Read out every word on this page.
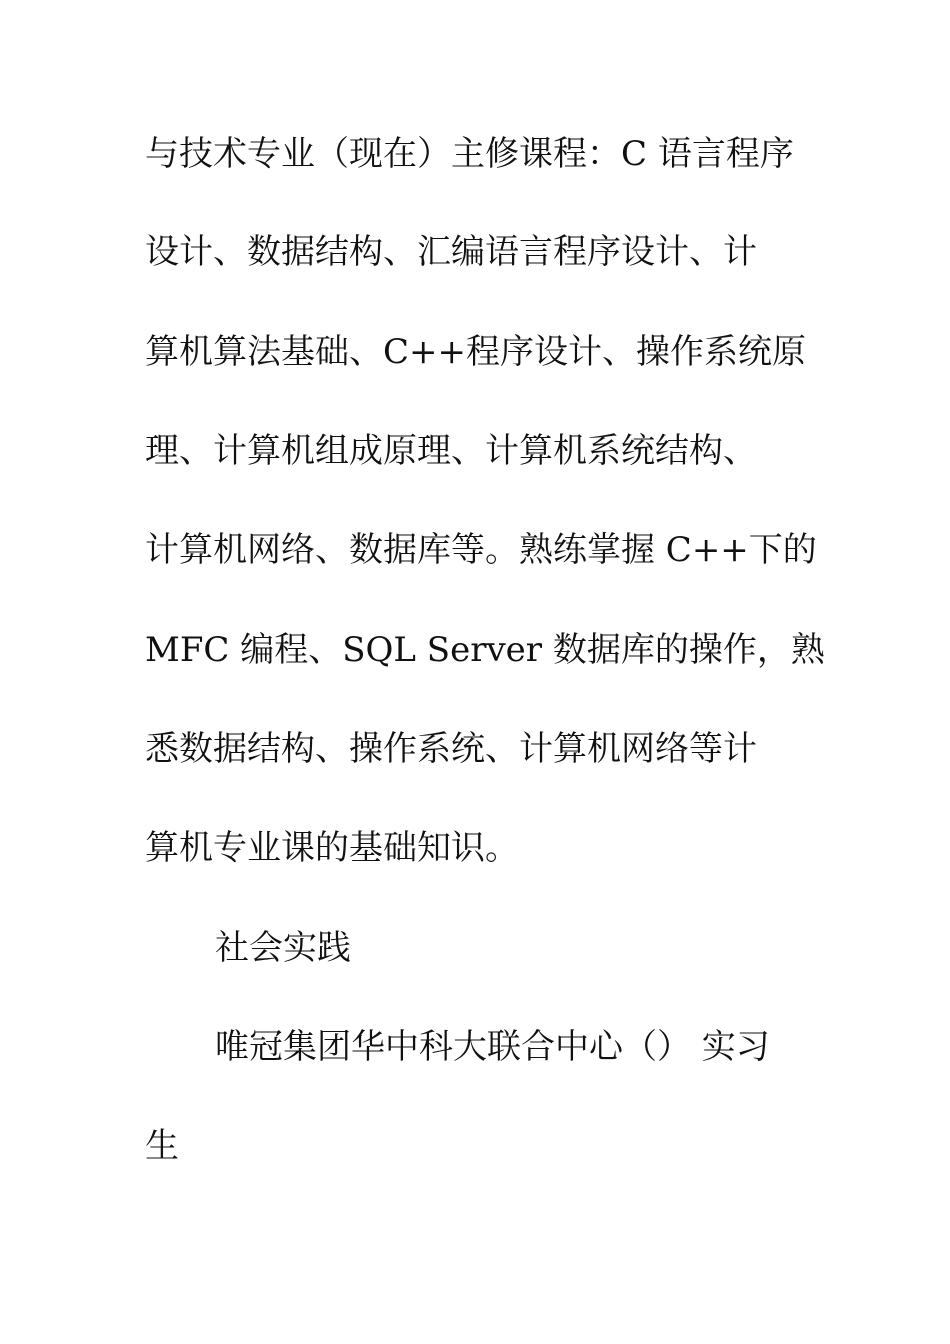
与技术专业（现在）主修课程：C 语言程序
设计、数据结构、汇编语言程序设计、计
算机算法基础、C++程序设计、操作系统原
理、计算机组成原理、计算机系统结构、
计算机网络、数据库等。熟练掌握 C++下的
MFC 编程、SQL Server 数据库的操作，熟
悉数据结构、操作系统、计算机网络等计
算机专业课的基础知识。
社会实践
唯冠集团华中科大联合中心（） 实习
生
